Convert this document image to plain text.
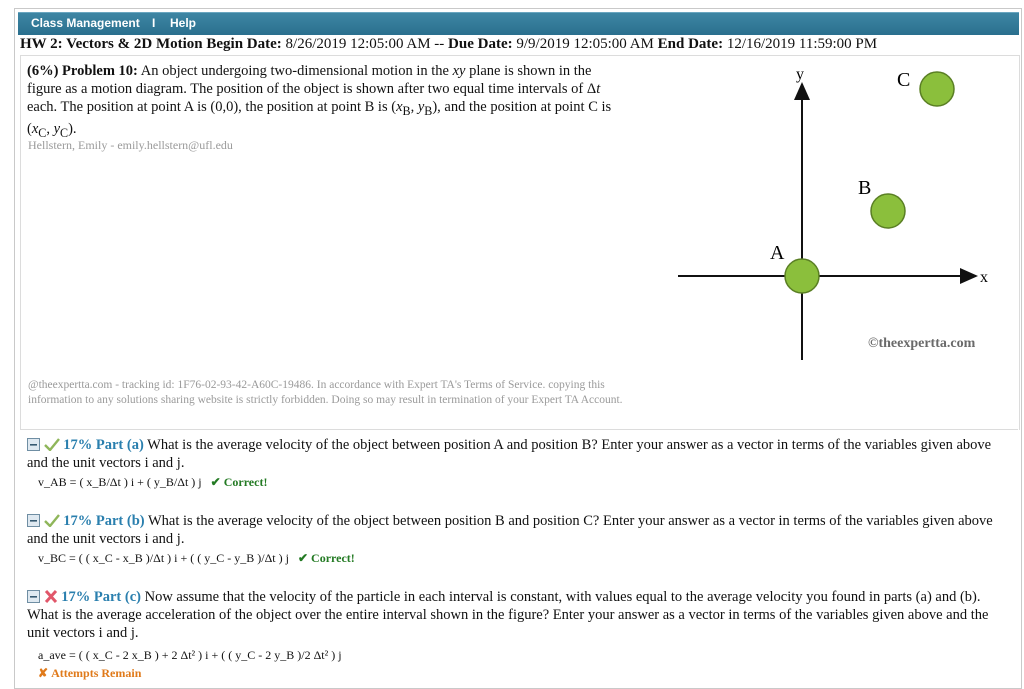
Class Management I Help
HW 2: Vectors & 2D Motion Begin Date: 8/26/2019 12:05:00 AM -- Due Date: 9/9/2019 12:05:00 AM End Date: 12/16/2019 11:59:00 PM
(6%) Problem 10: An object undergoing two-dimensional motion in the xy plane is shown in the figure as a motion diagram. The position of the object is shown after two equal time intervals of Δt each. The position at point A is (0,0), the position at point B is ($x_B$, $y_B$), and the position at point C is ($x_C$, $y_C$).
Hellstern, Emily - emily.hellstern@ufl.edu
y
x
A
B
C
©theexpertta.com
@theexpertta.com - tracking id: 1F76-02-93-42-A60C-19486. In accordance with Expert TA's Terms of Service. copying this information to any solutions sharing website is strictly forbidden. Doing so may result in termination of your Expert TA Account.
17% Part (a) What is the average velocity of the object between position A and position B? Enter your answer as a vector in terms of the variables given above and the unit vectors i and j.
v_AB = ( x_B/Δt ) i + ( y_B/Δt ) j ✔ Correct!
17% Part (b) What is the average velocity of the object between position B and position C? Enter your answer as a vector in terms of the variables given above and the unit vectors i and j.
v_BC = ( ( x_C - x_B )/Δt ) i + ( ( y_C - y_B )/Δt ) j ✔ Correct!
17% Part (c) Now assume that the velocity of the particle in each interval is constant, with values equal to the average velocity you found in parts (a) and (b). What is the average acceleration of the object over the entire interval shown in the figure? Enter your answer as a vector in terms of the variables given above and the unit vectors i and j.
a_ave = ( ( x_C - 2 x_B ) + 2 Δt² ) i + ( ( y_C - 2 y_B )/2 Δt² ) j
✘ Attempts Remain
